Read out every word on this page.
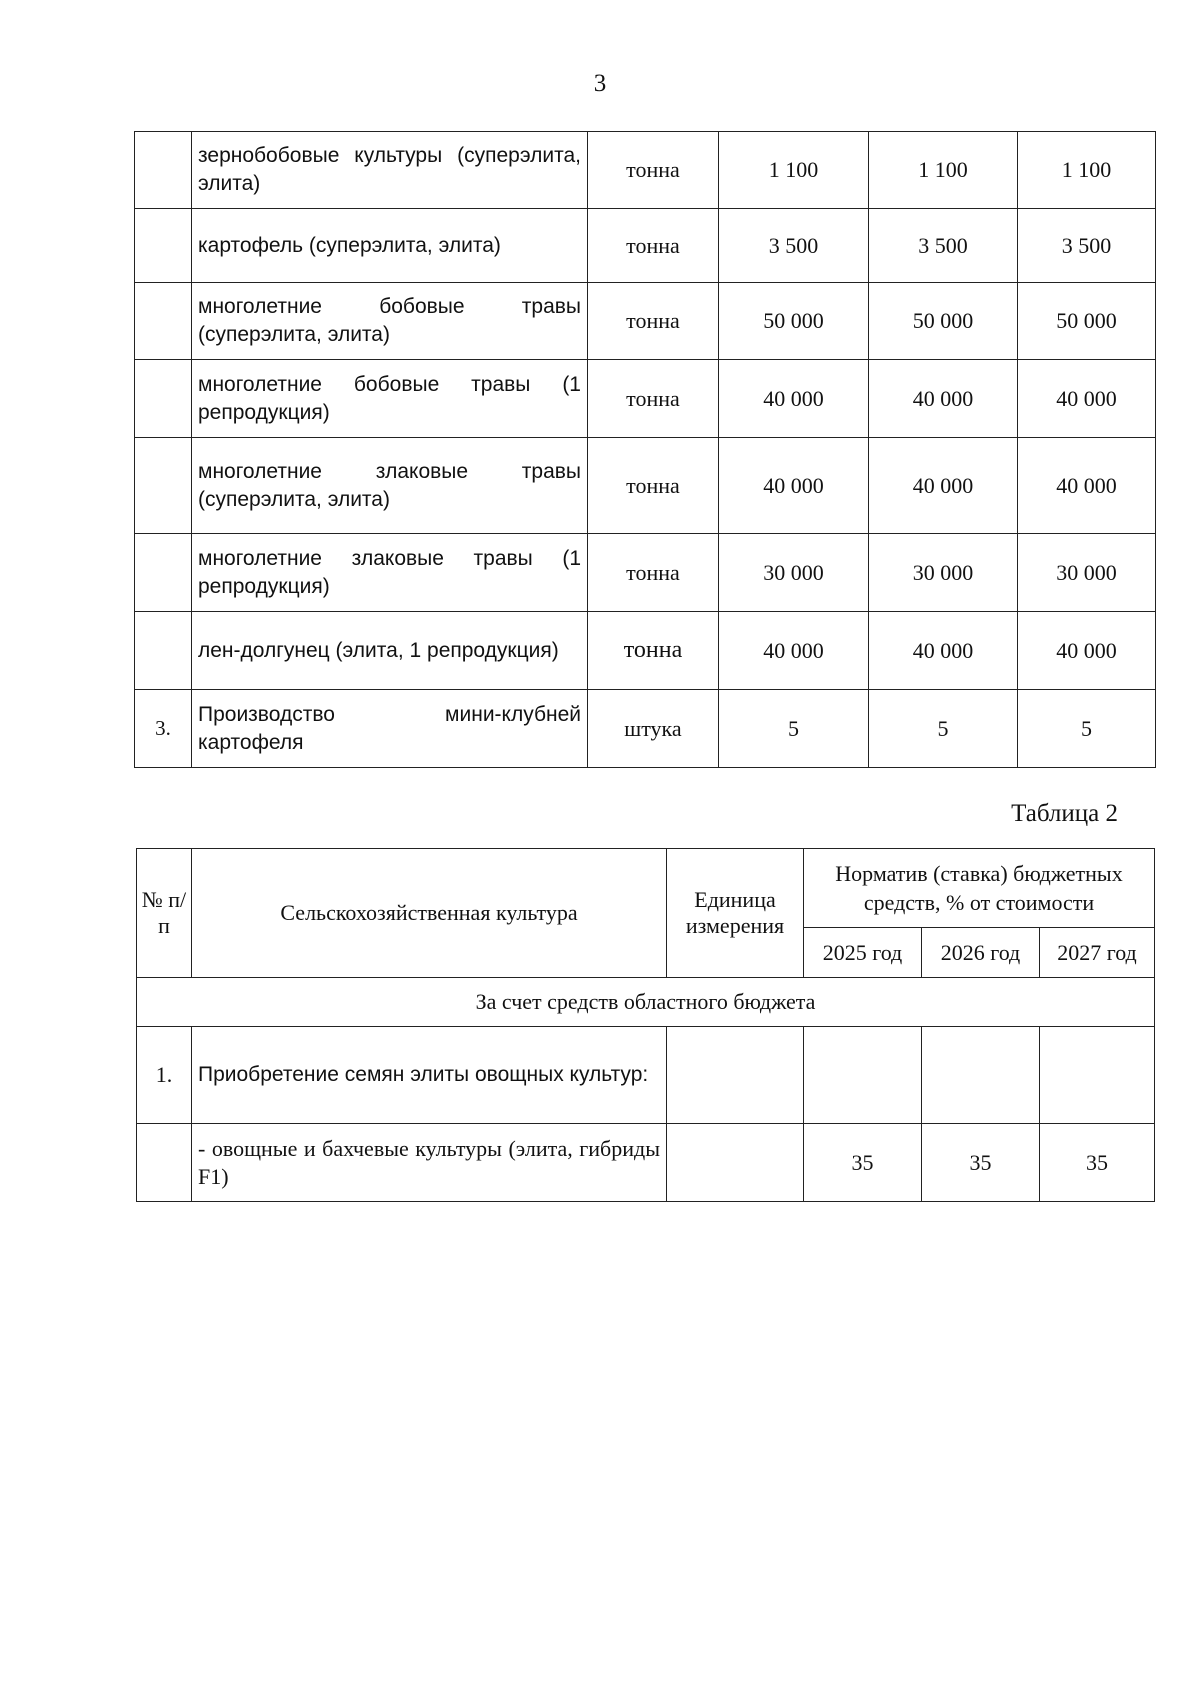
3
	зернобобовые культуры (суперэлита, элита)	тонна	1 100	1 100	1 100
	картофель (суперэлита, элита)	тонна	3 500	3 500	3 500
	многолетние бобовые травы (суперэлита, элита)	тонна	50 000	50 000	50 000
	многолетние бобовые травы (1 репродукция)	тонна	40 000	40 000	40 000
	многолетние злаковые травы (суперэлита, элита)	тонна	40 000	40 000	40 000
	многолетние злаковые травы (1 репродукция)	тонна	30 000	30 000	30 000
	лен-долгунец (элита, 1 репродукция)	тонна	40 000	40 000	40 000
3.	Производство мини-клубней картофеля	штука	5	5	5
Таблица 2
№ п/п	Сельскохозяйственная культура	Единица измерения	Норматив (ставка) бюджетных средств, % от стоимости		
			2025 год	2026 год	2027 год
За счет средств областного бюджета					
1.	Приобретение семян элиты овощных культур:				
	- овощные и бахчевые культуры (элита, гибриды F1)		35	35	35
